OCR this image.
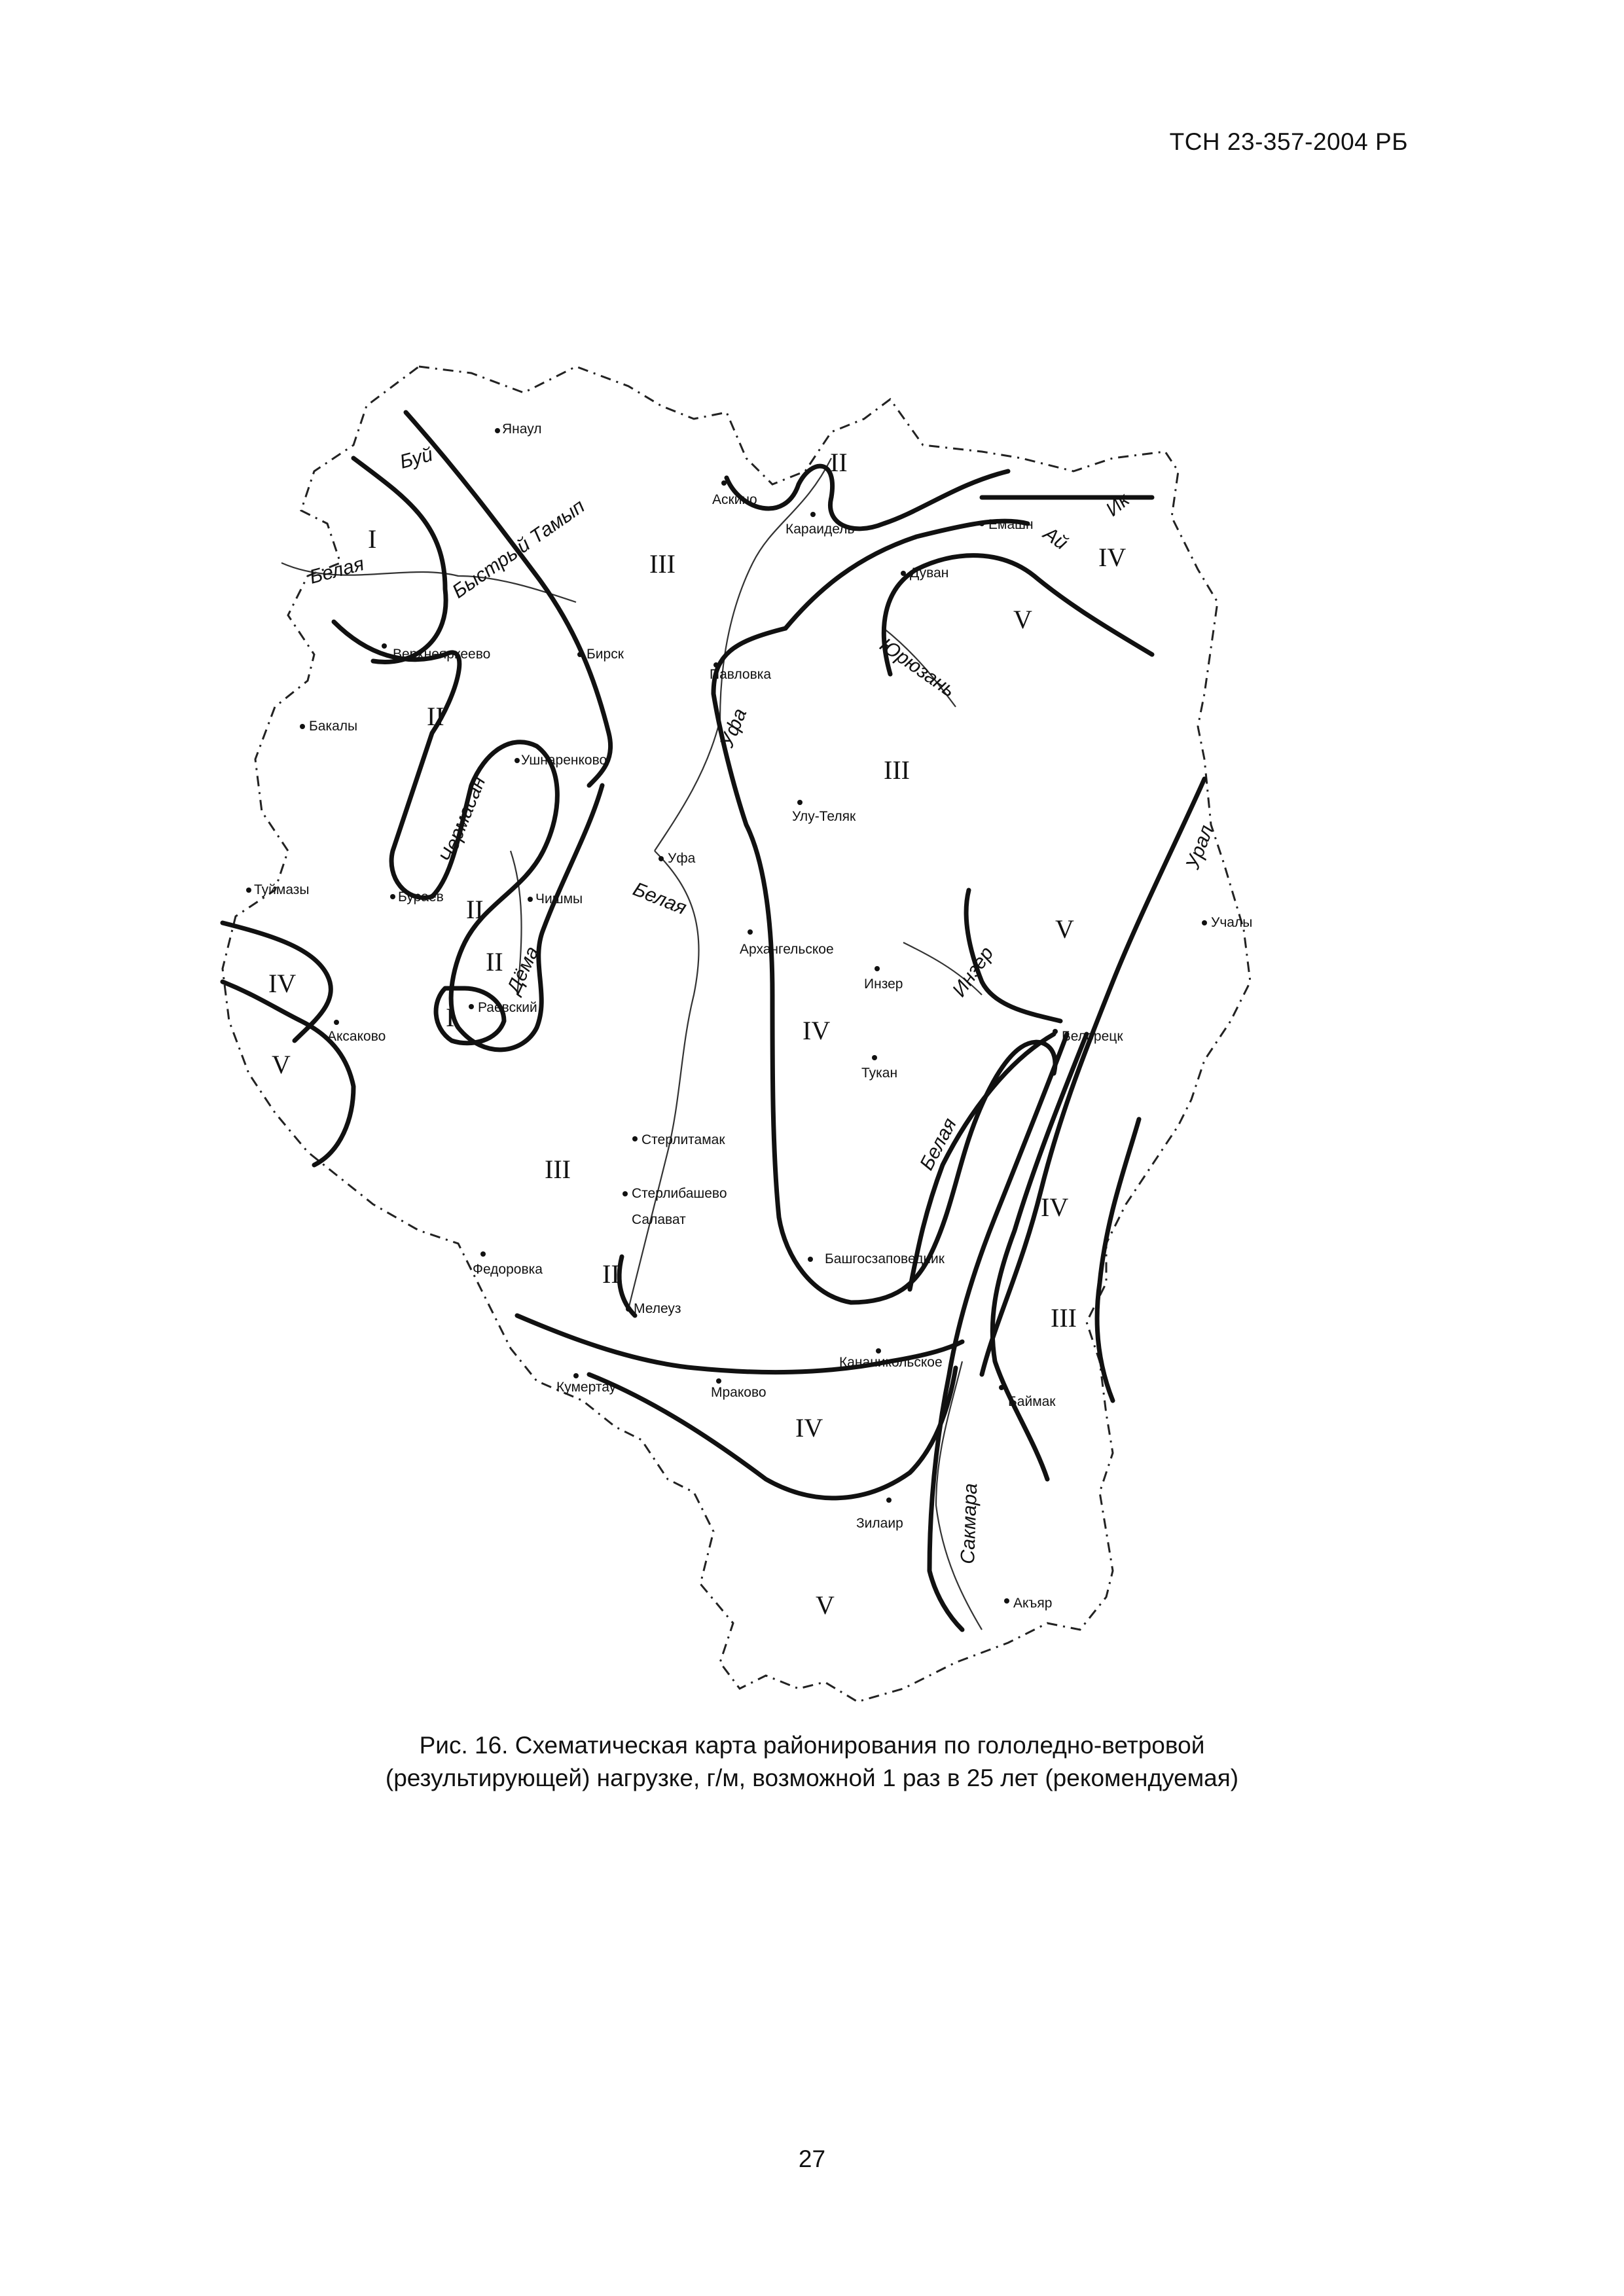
ТСН 23-357-2004 РБ
I
II
III
II
III
II
II
I
IV
V
III
II
IV
V
V
IV
IV
III
IV
V
Янаул
Аскино
Караидель	Емашн
Дуван
Верхнеяркеево	Бирск
Павловка
Бакалы
Ушнаренково
Улу-Теляк
Туймазы	Бураев	Чишмы
Уфа
Учалы
Архангельское
Инзер
Раевский
Аксаково	Белорецк
Тукан
Стерлитамак
Стерлибашево
Салават
Федоровка
Башгосзаповедник
Мелеуз
Кананикольское
Кумертау	Мраково
Баймак
Зилаир
Акъяр
Буй
Белая	Быстрый Тамып
Юрюзань
Уфа
Чермасан
Дёма
Белая
Инзер
Урал
Белая
Сакмара
Ай
Ик
Рис. 16. Схематическая карта районирования по гололедно-ветровой
(результирующей) нагрузке, г/м, возможной 1 раз в 25 лет (рекомендуемая)
27
